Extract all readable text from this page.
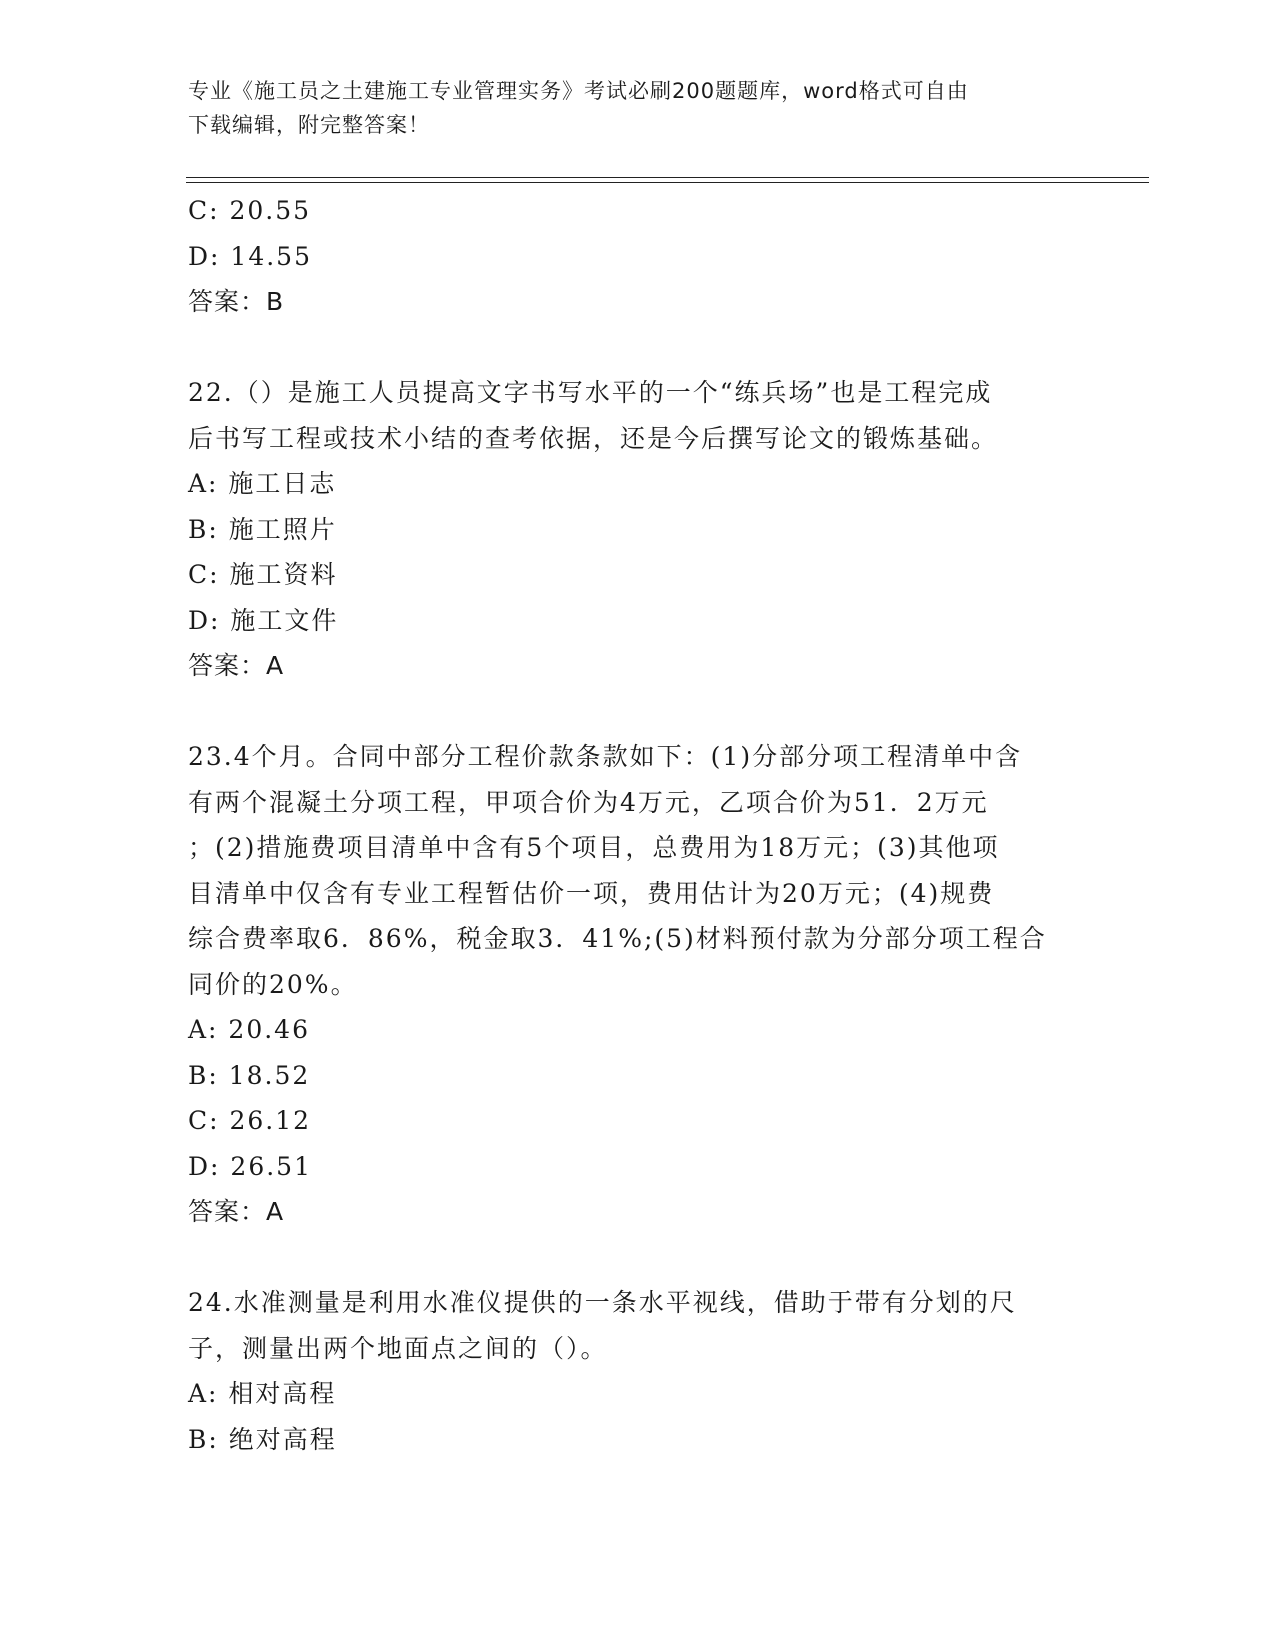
专业《施工员之土建施工专业管理实务》考试必刷200题题库，word格式可自由
下载编辑，附完整答案！
C: 20.55
D: 14.55
答案：B
22.（）是施工人员提高文字书写水平的一个“练兵场”也是工程完成
后书写工程或技术小结的查考依据，还是今后撰写论文的锻炼基础。
A: 施工日志
B: 施工照片
C: 施工资料
D: 施工文件
答案：A
23.4个月。合同中部分工程价款条款如下：(1)分部分项工程清单中含
有两个混凝土分项工程，甲项合价为4万元，乙项合价为51．2万元
；(2)措施费项目清单中含有5个项目，总费用为18万元；(3)其他项
目清单中仅含有专业工程暂估价一项，费用估计为20万元；(4)规费
综合费率取6．86%，税金取3．41%;(5)材料预付款为分部分项工程合
同价的20%。
A: 20.46
B: 18.52
C: 26.12
D: 26.51
答案：A
24.水准测量是利用水准仪提供的一条水平视线，借助于带有分划的尺
子，测量出两个地面点之间的（）。
A: 相对高程
B: 绝对高程
